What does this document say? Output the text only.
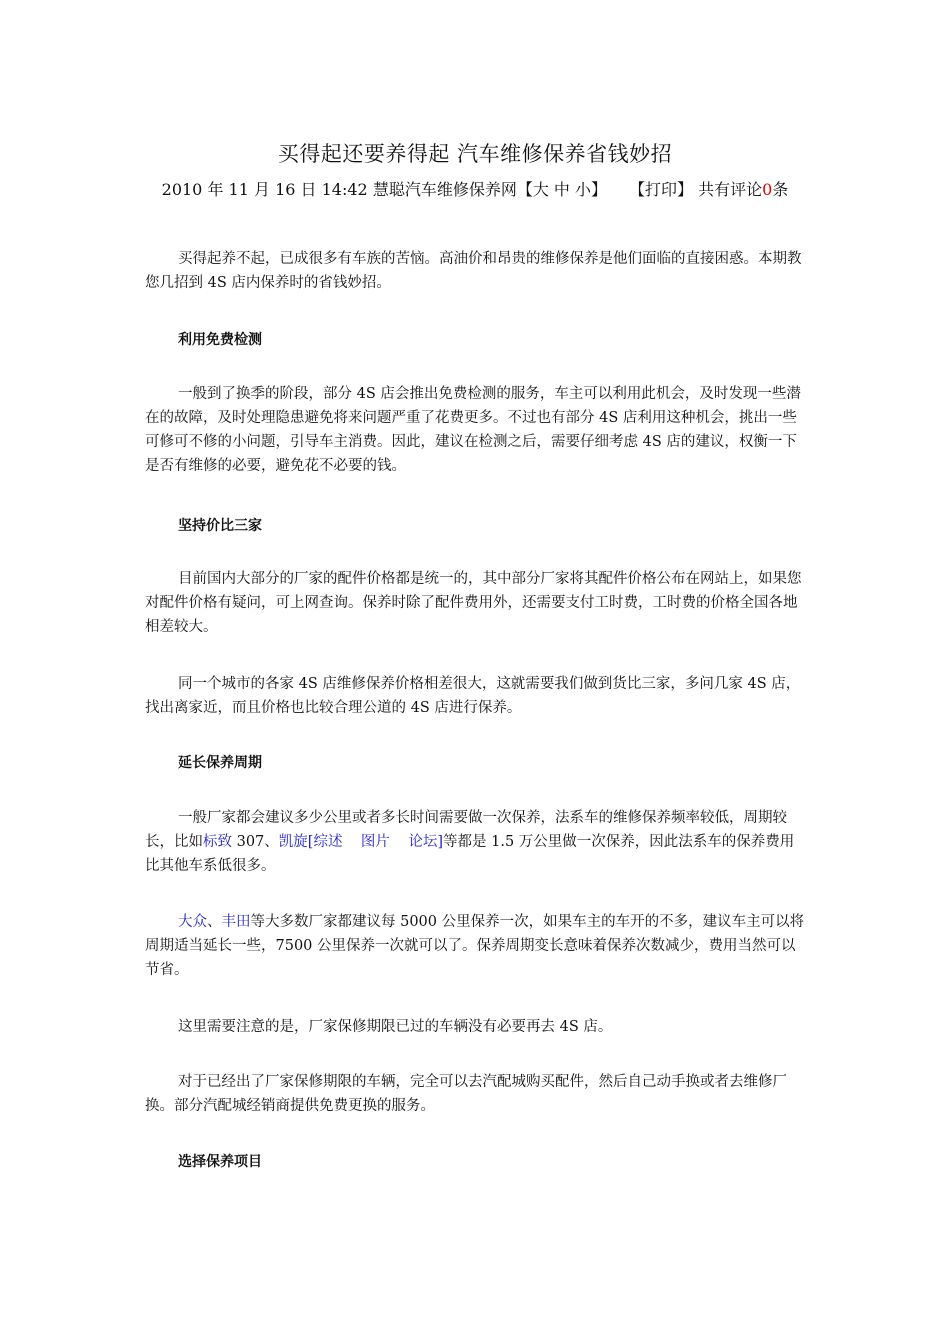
买得起还要养得起 汽车维修保养省钱妙招
2010 年 11 月 16 日 14:42 慧聪汽车维修保养网【大 中 小】 【打印】 共有评论0条

买得起养不起，已成很多有车族的苦恼。高油价和昂贵的维修保养是他们面临的直接困惑。本期教您几招到 4S 店内保养时的省钱妙招。

利用免费检测

一般到了换季的阶段，部分 4S 店会推出免费检测的服务，车主可以利用此机会，及时发现一些潜在的故障，及时处理隐患避免将来问题严重了花费更多。不过也有部分 4S 店利用这种机会，挑出一些可修可不修的小问题，引导车主消费。因此，建议在检测之后，需要仔细考虑 4S 店的建议，权衡一下是否有维修的必要，避免花不必要的钱。

坚持价比三家

目前国内大部分的厂家的配件价格都是统一的，其中部分厂家将其配件价格公布在网站上，如果您对配件价格有疑问，可上网查询。保养时除了配件费用外，还需要支付工时费，工时费的价格全国各地相差较大。

同一个城市的各家 4S 店维修保养价格相差很大，这就需要我们做到货比三家，多问几家 4S 店，找出离家近，而且价格也比较合理公道的 4S 店进行保养。

延长保养周期

一般厂家都会建议多少公里或者多长时间需要做一次保养，法系车的维修保养频率较低，周期较长，比如标致 307、凯旋[综述 图片 论坛]等都是 1.5 万公里做一次保养，因此法系车的保养费用比其他车系低很多。

大众、丰田等大多数厂家都建议每 5000 公里保养一次，如果车主的车开的不多，建议车主可以将周期适当延长一些，7500 公里保养一次就可以了。保养周期变长意味着保养次数减少，费用当然可以节省。

这里需要注意的是，厂家保修期限已过的车辆没有必要再去 4S 店。

对于已经出了厂家保修期限的车辆，完全可以去汽配城购买配件，然后自己动手换或者去维修厂换。部分汽配城经销商提供免费更换的服务。

选择保养项目
